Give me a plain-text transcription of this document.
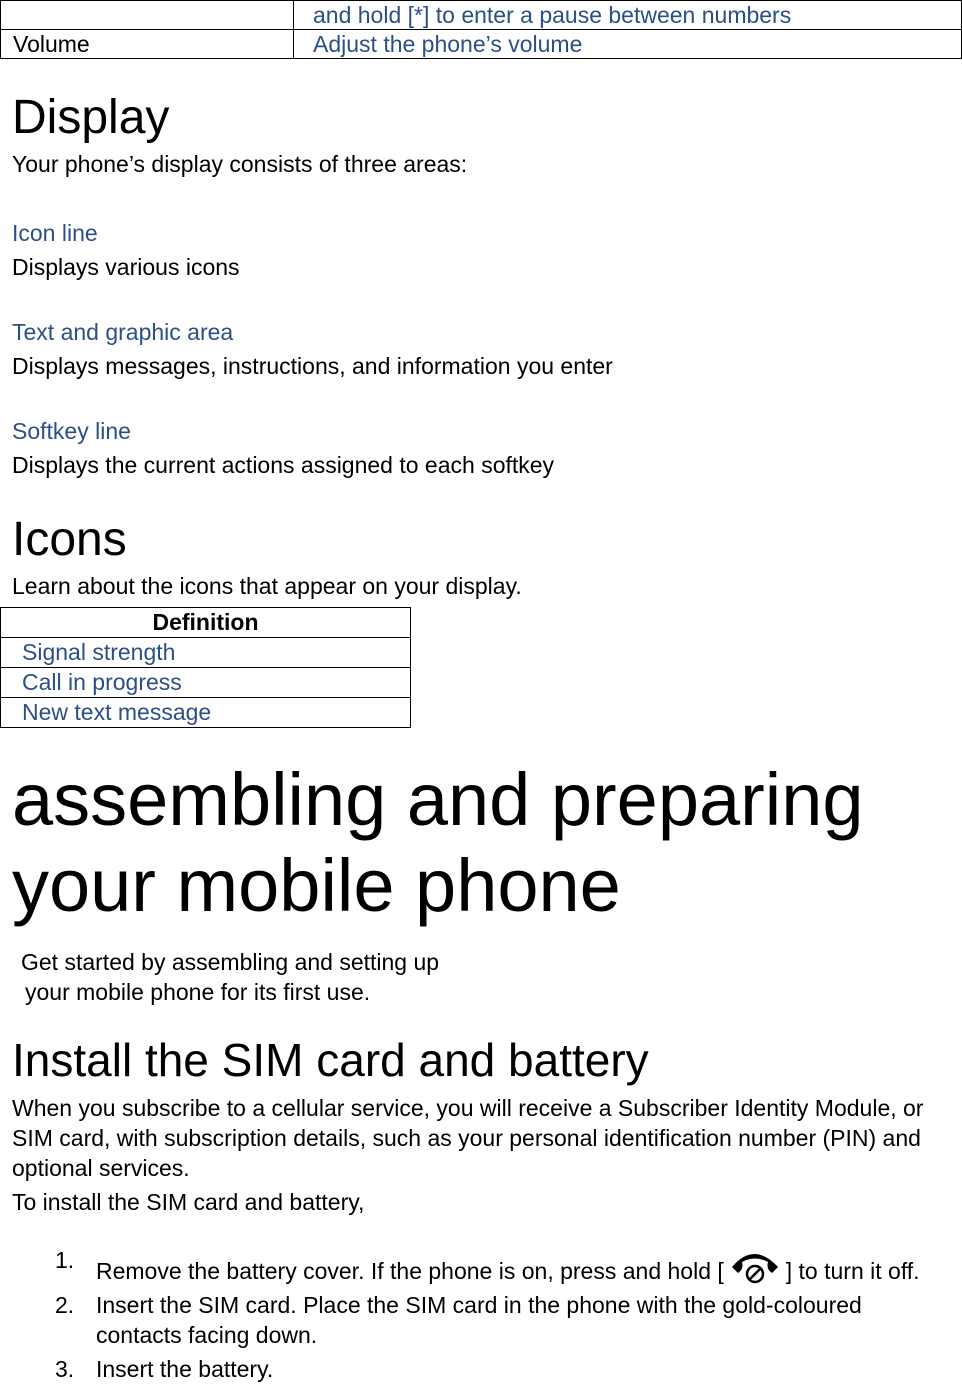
	and hold [*] to enter a pause between numbers
Volume	Adjust the phone’s volume
Display
Your phone’s display consists of three areas:
Icon line
Displays various icons
Text and graphic area
Displays messages, instructions, and information you enter
Softkey line
Displays the current actions assigned to each softkey
Icons
Learn about the icons that appear on your display.
Definition
Signal strength
Call in progress
New text message
assembling and preparing
your mobile phone
Get started by assembling and setting up
your mobile phone for its first use.
Install the SIM card and battery
When you subscribe to a cellular service, you will receive a Subscriber Identity Module, or SIM card, with subscription details, such as your personal identification number (PIN) and optional services.
To install the SIM card and battery,
1. Remove the battery cover. If the phone is on, press and hold [	] to turn it off.
2. Insert the SIM card. Place the SIM card in the phone with the gold-coloured contacts facing down.
3. Insert the battery.
